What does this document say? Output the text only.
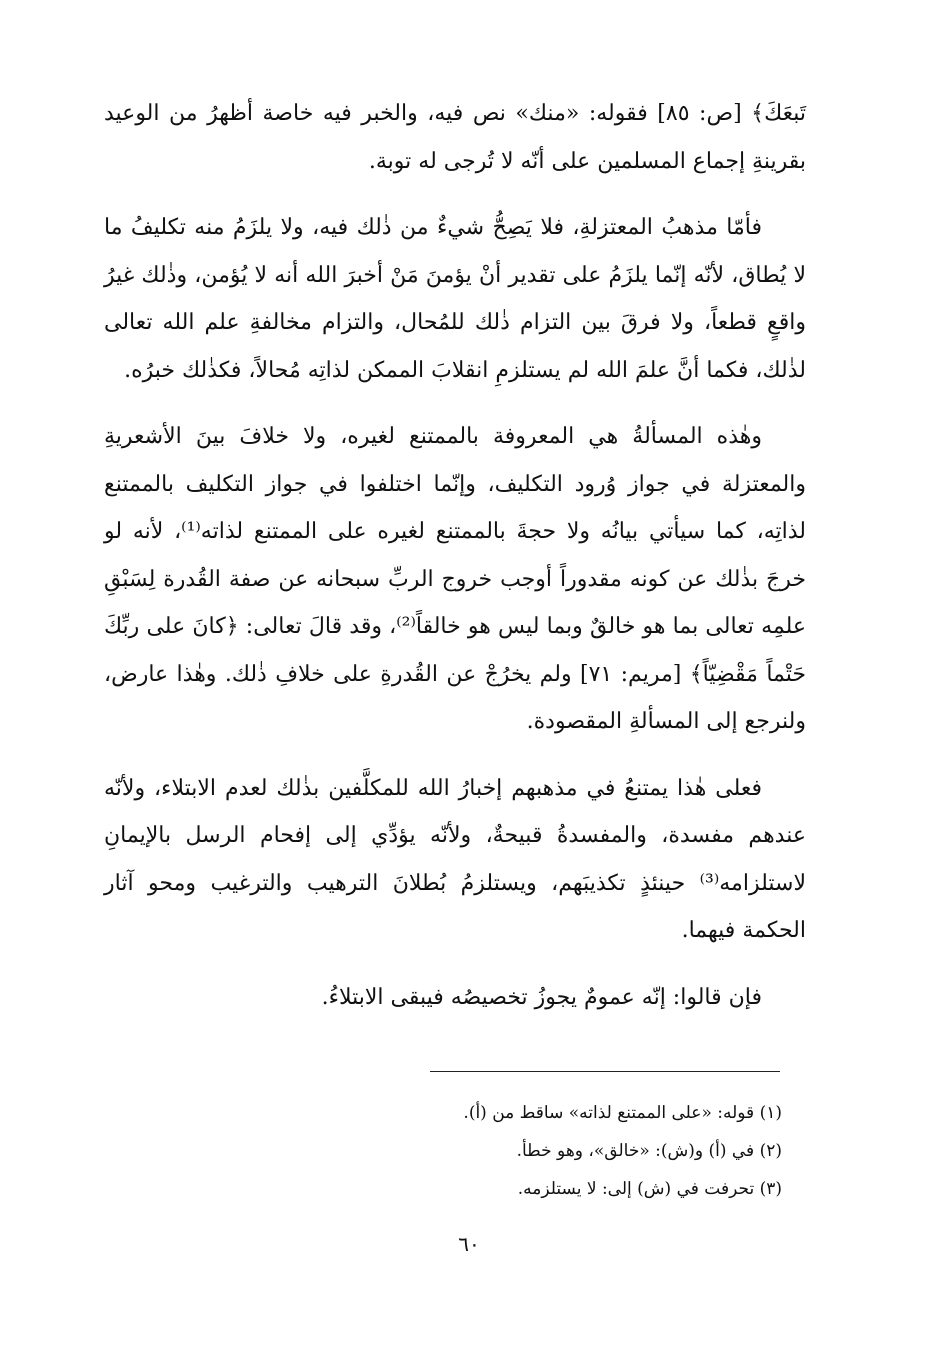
تَبعَكَ﴾ [ص: ٨٥] فقوله: «منك» نص فيه، والخبر فيه خاصة أظهرُ من الوعيد بقرينةِ إجماع المسلمين على أنّه لا تُرجى له توبة.

فأمّا مذهبُ المعتزلةِ، فلا يَصِحُّ شيءٌ من ذٰلك فيه، ولا يلزَمُ منه تكليفُ ما لا يُطاق، لأنّه إنّما يلزَمُ على تقدير أنْ يؤمنَ مَنْ أخبرَ الله أنه لا يُؤمن، وذٰلك غيرُ واقعٍ قطعاً، ولا فرقَ بين التزام ذٰلك للمُحال، والتزام مخالفةِ علم الله تعالى لذٰلك، فكما أنَّ علمَ الله لم يستلزمِ انقلابَ الممكن لذاتِه مُحالاً، فكذٰلك خبرُه.

وهٰذه المسألةُ هي المعروفة بالممتنع لغيره، ولا خلافَ بينَ الأشعريةِ والمعتزلة في جواز وُرود التكليف، وإنّما اختلفوا في جواز التكليف بالممتنع لذاتِه، كما سيأتي بيانُه ولا حجةَ بالممتنع لغيره على الممتنع لذاته⁽¹⁾، لأنه لو خرجَ بذٰلك عن كونه مقدوراً أوجب خروج الربِّ سبحانه عن صفة القُدرة لِسَبْقِ علمِه تعالى بما هو خالقٌ وبما ليس هو خالقاً⁽²⁾، وقد قالَ تعالى: ﴿كانَ على ربِّكَ حَتْماً مَقْضِيّاً﴾ [مريم: ٧١] ولم يخرُجْ عن القُدرةِ على خلافِ ذٰلك. وهٰذا عارض، ولنرجع إلى المسألةِ المقصودة.

فعلى هٰذا يمتنعُ في مذهبهم إخبارُ الله للمكلَّفين بذٰلك لعدم الابتلاء، ولأنّه عندهم مفسدة، والمفسدةُ قبيحةٌ، ولأنّه يؤدِّي إلى إفحام الرسل بالإيمانِ لاستلزامه⁽³⁾ حينئذٍ تكذيبَهم، ويستلزمُ بُطلانَ الترهيب والترغيب ومحو آثار الحكمة فيهما.

فإن قالوا: إنّه عمومٌ يجوزُ تخصيصُه فيبقى الابتلاءُ.

(١) قوله: «على الممتنع لذاته» ساقط من (أ).

(٢) في (أ) و(ش): «خالق»، وهو خطأ.

(٣) تحرفت في (ش) إلى: لا يستلزمه.

٦٠
